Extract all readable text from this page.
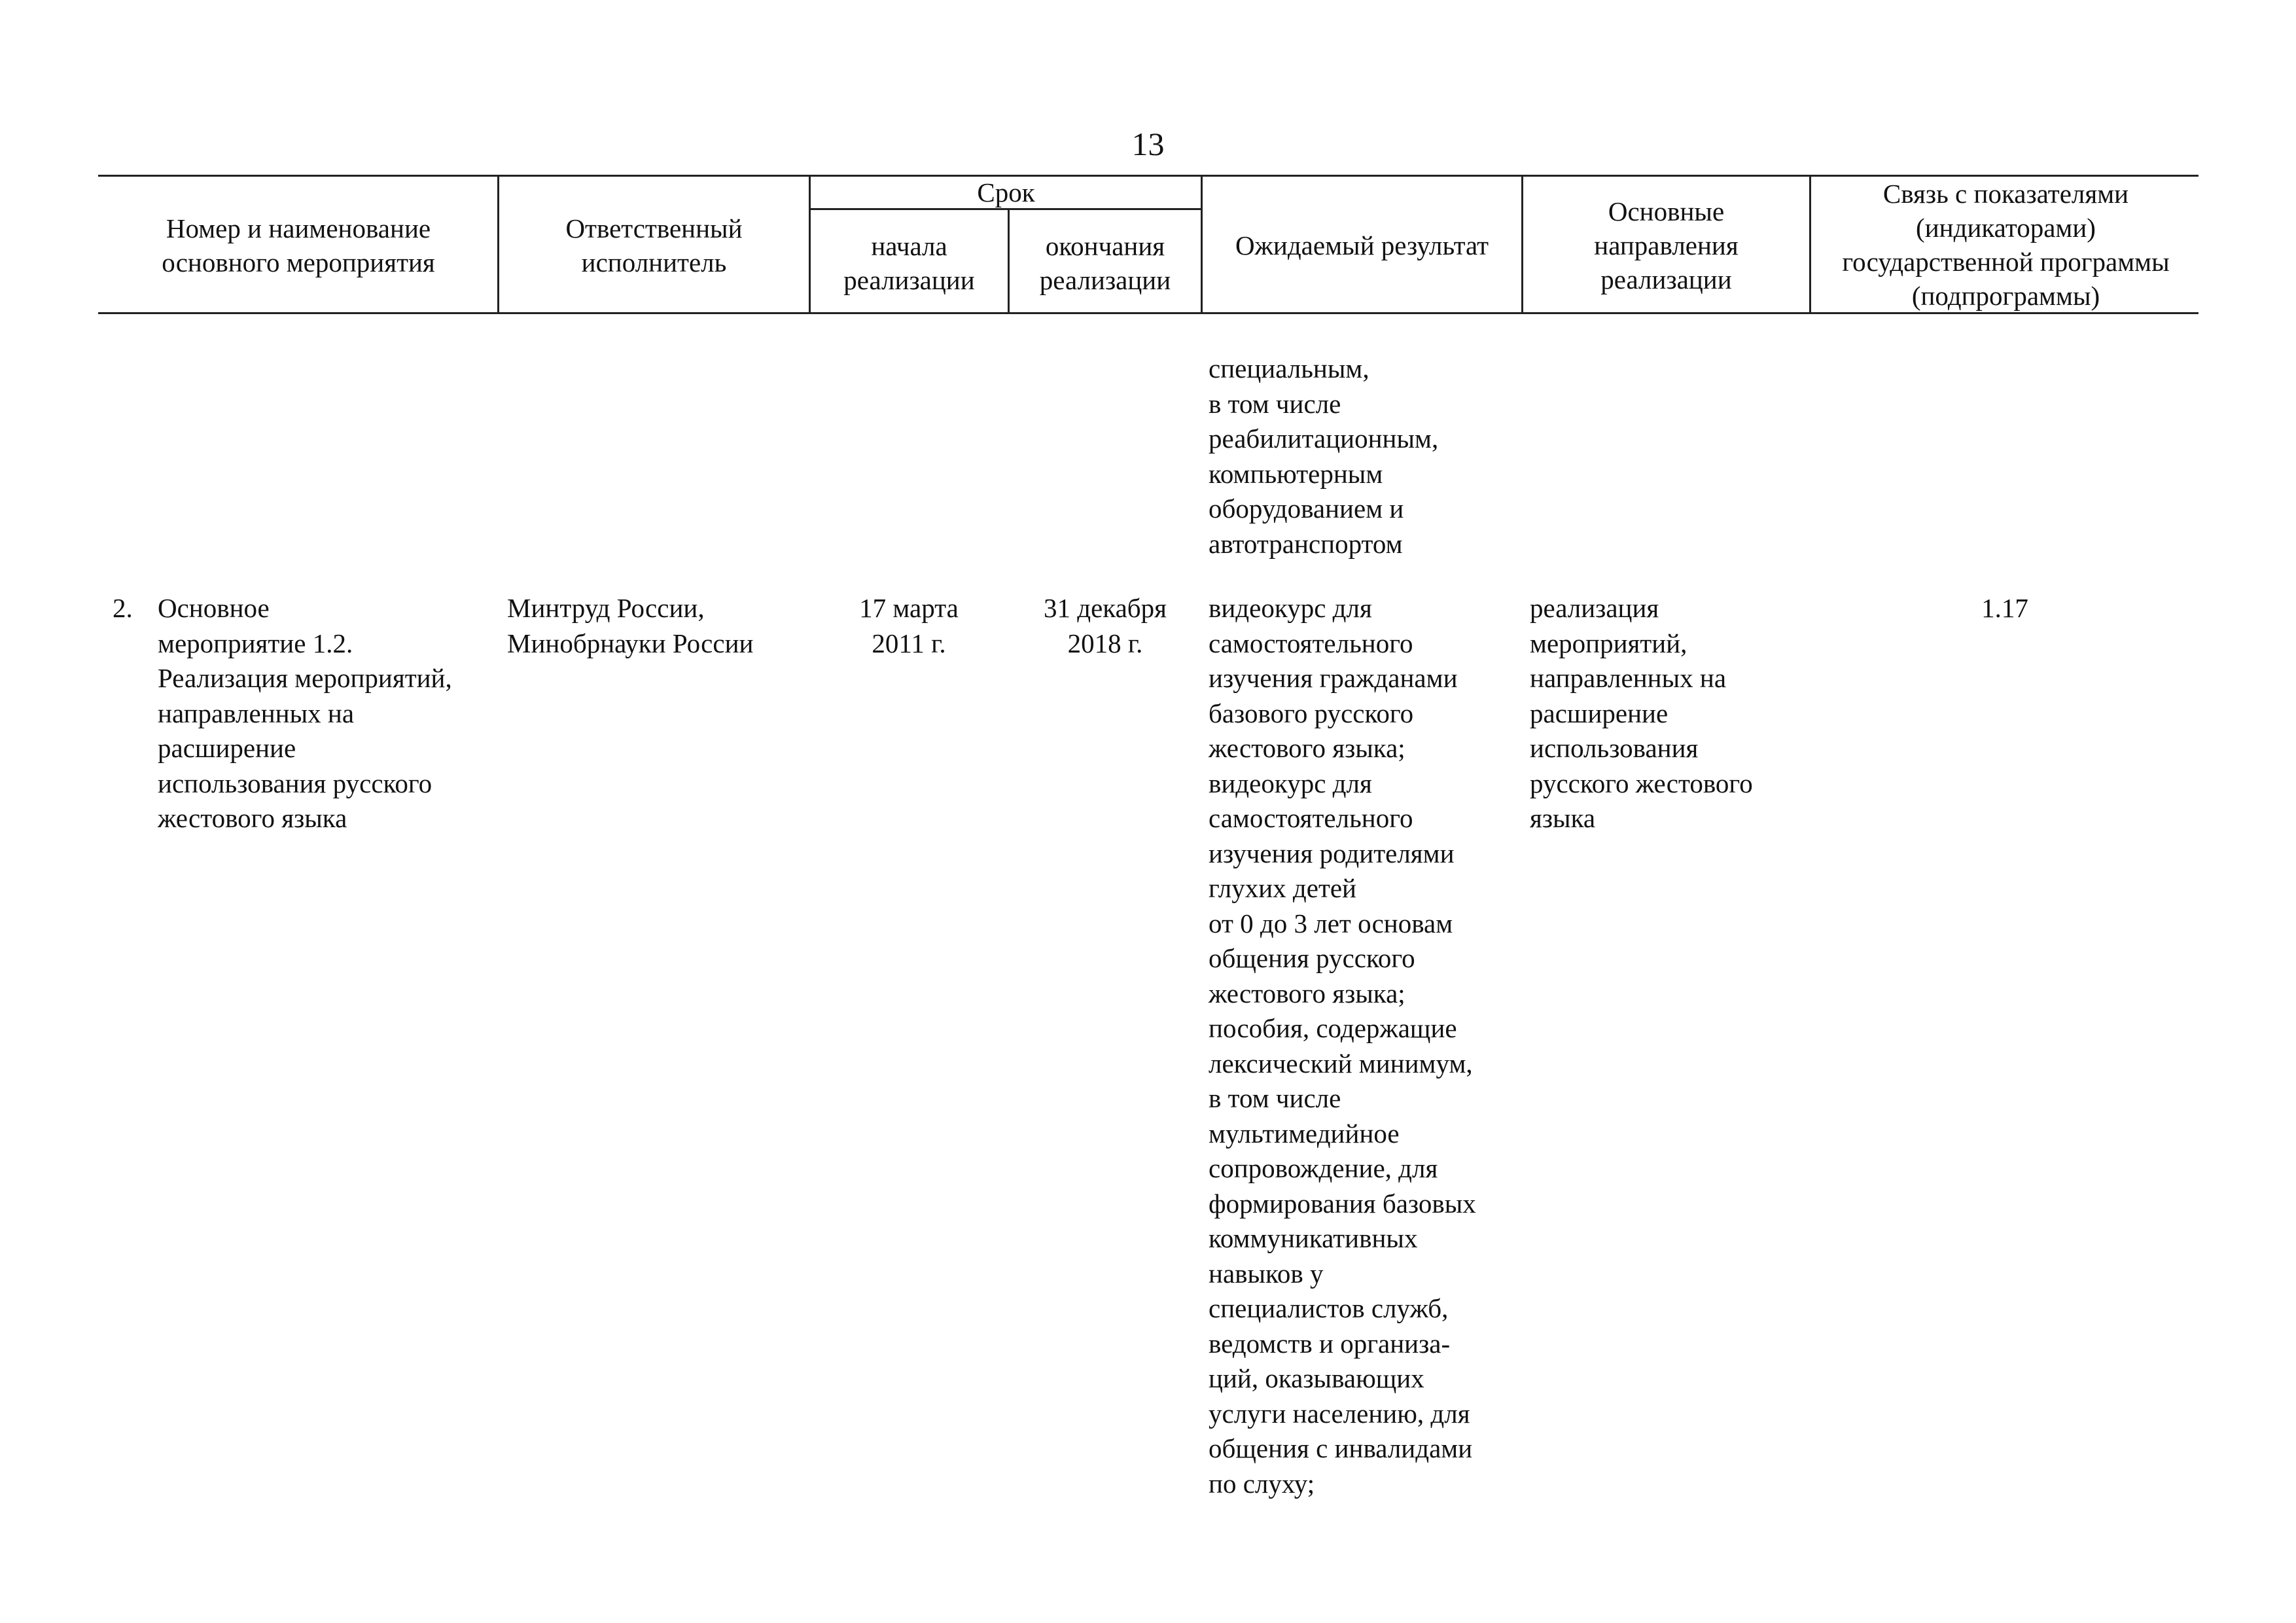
13
Номер и наименование
основного мероприятия
Ответственный
исполнитель
Срок
начала
реализации
окончания
реализации
Ожидаемый результат
Основные
направления
реализации
Связь с показателями
(индикаторами)
государственной программы
(подпрограммы)
специальным,
в том числе
реабилитационным,
компьютерным
оборудованием и
автотранспортом
2. Основное
мероприятие 1.2.
Реализация мероприятий,
направленных на
расширение
использования русского
жестового языка
Минтруд России,
Минобрнауки России
17 марта
2011 г.
31 декабря
2018 г.
видеокурс для
самостоятельного
изучения гражданами
базового русского
жестового языка;
видеокурс для
самостоятельного
изучения родителями
глухих детей
от 0 до 3 лет основам
общения русского
жестового языка;
пособия, содержащие
лексический минимум,
в том числе
мультимедийное
сопровождение, для
формирования базовых
коммуникативных
навыков у
специалистов служб,
ведомств и организа-
ций, оказывающих
услуги населению, для
общения с инвалидами
по слуху;
реализация
мероприятий,
направленных на
расширение
использования
русского жестового
языка
1.17
